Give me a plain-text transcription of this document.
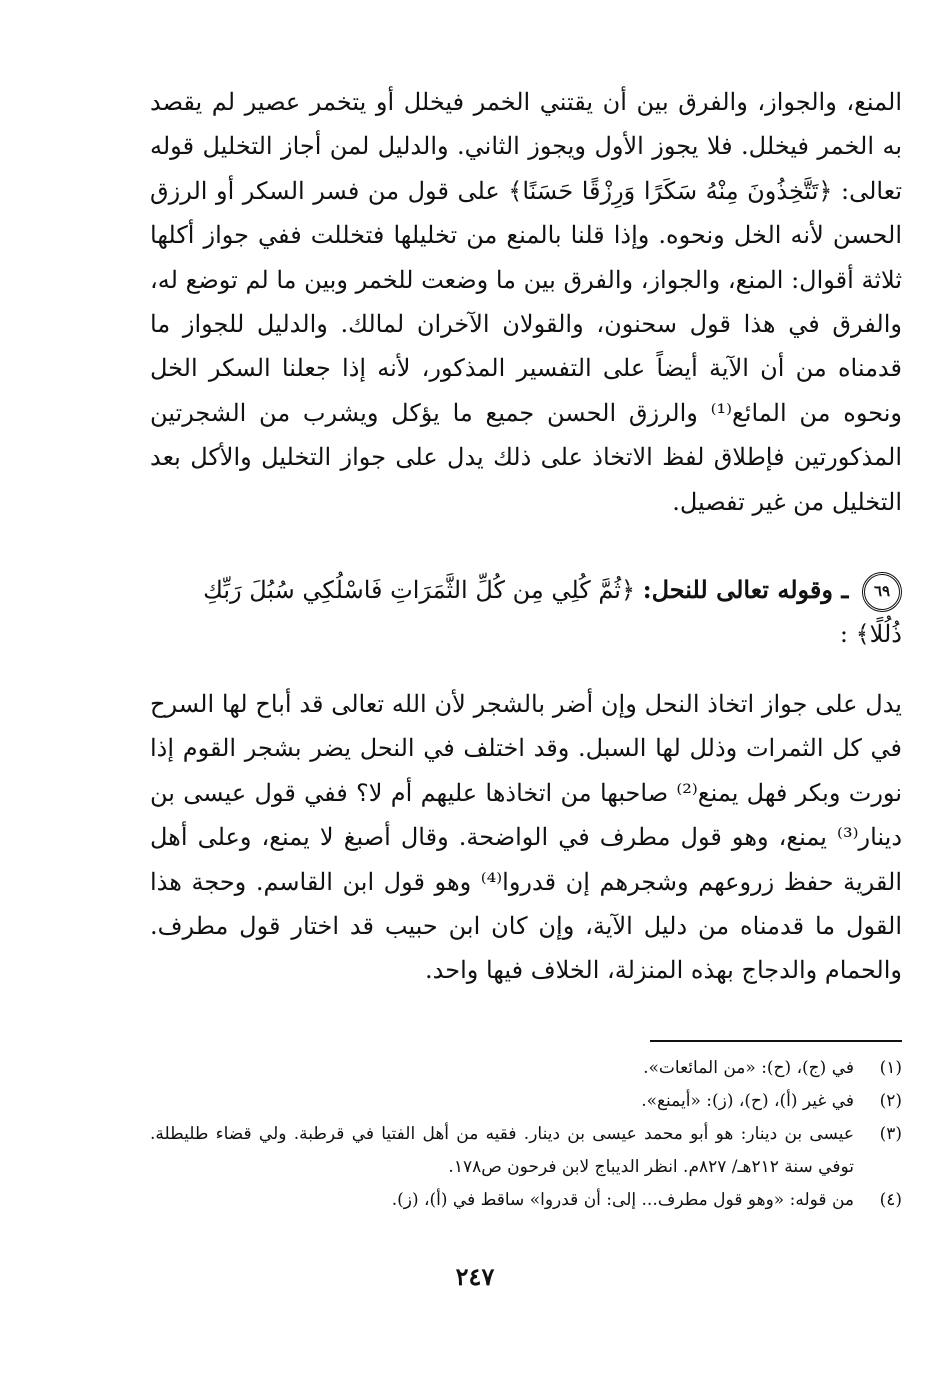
المنع، والجواز، والفرق بين أن يقتني الخمر فيخلل أو يتخمر عصير لم يقصد به الخمر فيخلل. فلا يجوز الأول ويجوز الثاني. والدليل لمن أجاز التخليل قوله تعالى: ﴿تَتَّخِذُونَ مِنْهُ سَكَرًا وَرِزْقًا حَسَنًا﴾ على قول من فسر السكر أو الرزق الحسن لأنه الخل ونحوه. وإذا قلنا بالمنع من تخليلها فتخللت ففي جواز أكلها ثلاثة أقوال: المنع، والجواز، والفرق بين ما وضعت للخمر وبين ما لم توضع له، والفرق في هذا قول سحنون، والقولان الآخران لمالك. والدليل للجواز ما قدمناه من أن الآية أيضاً على التفسير المذكور، لأنه إذا جعلنا السكر الخل ونحوه من المائع⁽¹⁾ والرزق الحسن جميع ما يؤكل ويشرب من الشجرتين المذكورتين فإطلاق لفظ الاتخاذ على ذلك يدل على جواز التخليل والأكل بعد التخليل من غير تفصيل.

٦٩ ـ وقوله تعالى للنحل: ﴿ثُمَّ كُلِي مِن كُلِّ الثَّمَرَاتِ فَاسْلُكِي سُبُلَ رَبِّكِ ذُلُلًا﴾ :

يدل على جواز اتخاذ النحل وإن أضر بالشجر لأن الله تعالى قد أباح لها السرح في كل الثمرات وذلل لها السبل. وقد اختلف في النحل يضر بشجر القوم إذا نورت وبكر فهل يمنع⁽²⁾ صاحبها من اتخاذها عليهم أم لا؟ ففي قول عيسى بن دينار⁽³⁾ يمنع، وهو قول مطرف في الواضحة. وقال أصبغ لا يمنع، وعلى أهل القرية حفظ زروعهم وشجرهم إن قدروا⁽⁴⁾ وهو قول ابن القاسم. وحجة هذا القول ما قدمناه من دليل الآية، وإن كان ابن حبيب قد اختار قول مطرف. والحمام والدجاج بهذه المنزلة، الخلاف فيها واحد.

(١)
في (ج)، (ح): «من المائعات».
(٢)
في غير (أ)، (ح)، (ز): «أيمنع».
(٣)
عيسى بن دينار: هو أبو محمد عيسى بن دينار. فقيه من أهل الفتيا في قرطبة. ولي قضاء طليطلة. توفي سنة ٢١٢هـ/ ٨٢٧م. انظر الديباج لابن فرحون ص١٧٨.
(٤)
من قوله: «وهو قول مطرف... إلى: أن قدروا» ساقط في (أ)، (ز).
٢٤٧
